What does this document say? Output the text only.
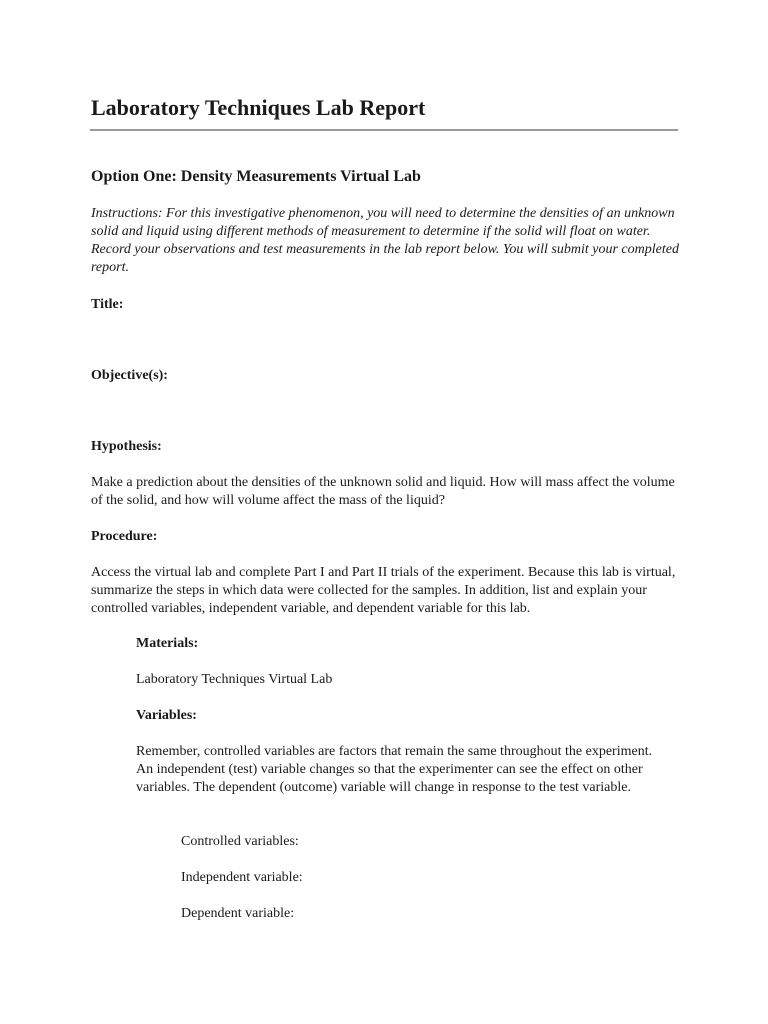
Laboratory Techniques Lab Report
Option One: Density Measurements Virtual Lab

Instructions: For this investigative phenomenon, you will need to determine the densities of an unknown solid and liquid using different methods of measurement to determine if the solid will float on water. Record your observations and test measurements in the lab report below. You will submit your completed report.

Title:

Objective(s):

Hypothesis:

Make a prediction about the densities of the unknown solid and liquid. How will mass affect the volume of the solid, and how will volume affect the mass of the liquid?

Procedure:

Access the virtual lab and complete Part I and Part II trials of the experiment. Because this lab is virtual, summarize the steps in which data were collected for the samples. In addition, list and explain your controlled variables, independent variable, and dependent variable for this lab.

Materials:

Laboratory Techniques Virtual Lab

Variables:

Remember, controlled variables are factors that remain the same throughout the experiment. An independent (test) variable changes so that the experimenter can see the effect on other variables. The dependent (outcome) variable will change in response to the test variable.

Controlled variables:

Independent variable:

Dependent variable:
